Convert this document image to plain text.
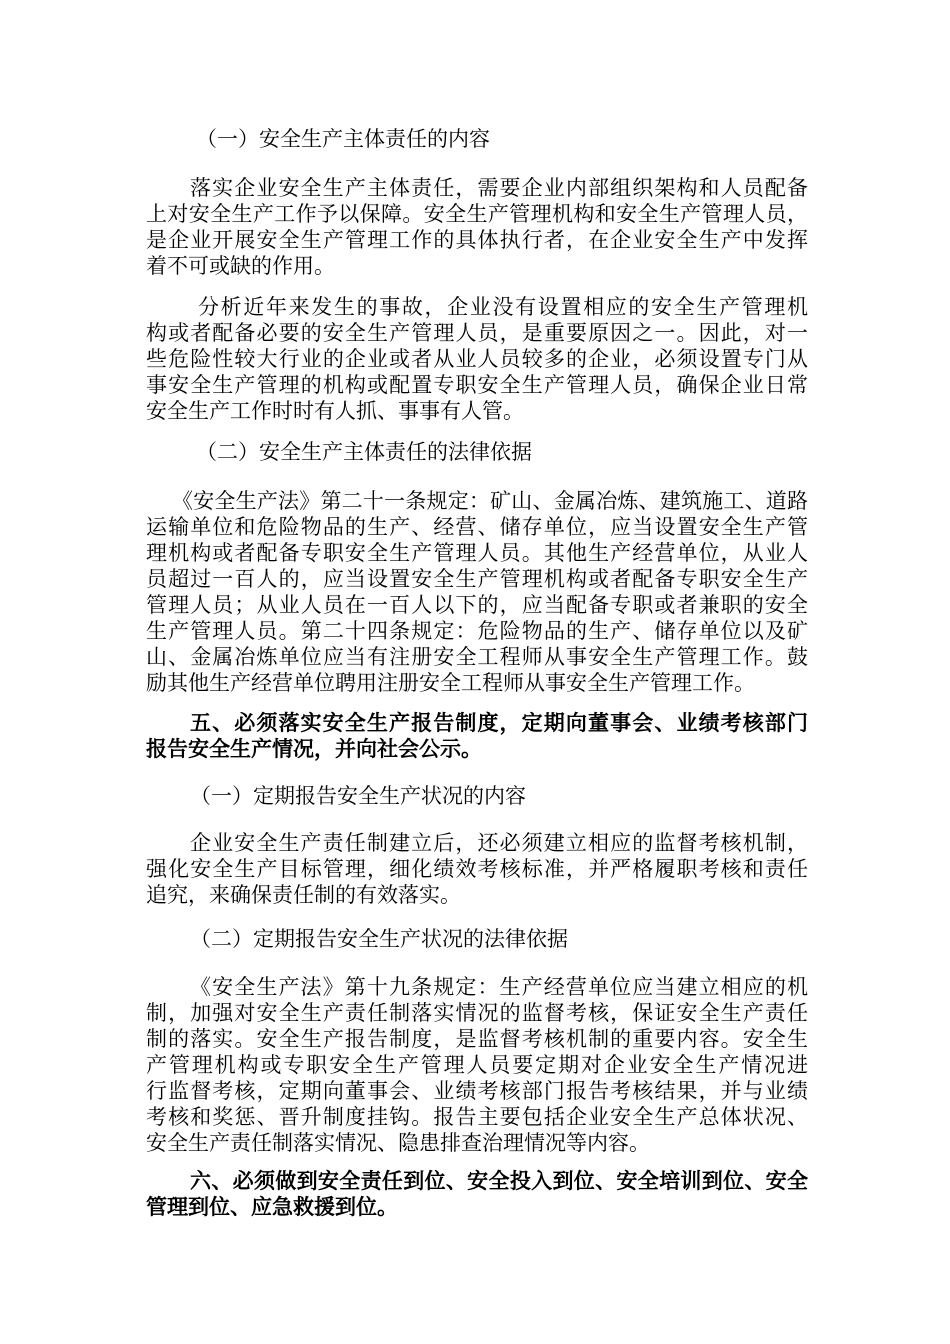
（一）安全生产主体责任的内容
落实企业安全生产主体责任，需要企业内部组织架构和人员配备
上对安全生产工作予以保障。安全生产管理机构和安全生产管理人员，
是企业开展安全生产管理工作的具体执行者，在企业安全生产中发挥
着不可或缺的作用。
分析近年来发生的事故，企业没有设置相应的安全生产管理机
构或者配备必要的安全生产管理人员，是重要原因之一。因此，对一
些危险性较大行业的企业或者从业人员较多的企业，必须设置专门从
事安全生产管理的机构或配置专职安全生产管理人员，确保企业日常
安全生产工作时时有人抓、事事有人管。
（二）安全生产主体责任的法律依据
《安全生产法》第二十一条规定：矿山、金属冶炼、建筑施工、道路
运输单位和危险物品的生产、经营、储存单位，应当设置安全生产管
理机构或者配备专职安全生产管理人员。其他生产经营单位，从业人
员超过一百人的，应当设置安全生产管理机构或者配备专职安全生产
管理人员；从业人员在一百人以下的，应当配备专职或者兼职的安全
生产管理人员。第二十四条规定：危险物品的生产、储存单位以及矿
山、金属冶炼单位应当有注册安全工程师从事安全生产管理工作。鼓
励其他生产经营单位聘用注册安全工程师从事安全生产管理工作。
五、必须落实安全生产报告制度，定期向董事会、业绩考核部门
报告安全生产情况，并向社会公示。
（一）定期报告安全生产状况的内容
企业安全生产责任制建立后，还必须建立相应的监督考核机制，
强化安全生产目标管理，细化绩效考核标准，并严格履职考核和责任
追究，来确保责任制的有效落实。
（二）定期报告安全生产状况的法律依据
《安全生产法》第十九条规定：生产经营单位应当建立相应的机
制，加强对安全生产责任制落实情况的监督考核，保证安全生产责任
制的落实。安全生产报告制度，是监督考核机制的重要内容。安全生
产管理机构或专职安全生产管理人员要定期对企业安全生产情况进
行监督考核，定期向董事会、业绩考核部门报告考核结果，并与业绩
考核和奖惩、晋升制度挂钩。报告主要包括企业安全生产总体状况、
安全生产责任制落实情况、隐患排查治理情况等内容。
六、必须做到安全责任到位、安全投入到位、安全培训到位、安全
管理到位、应急救援到位。
